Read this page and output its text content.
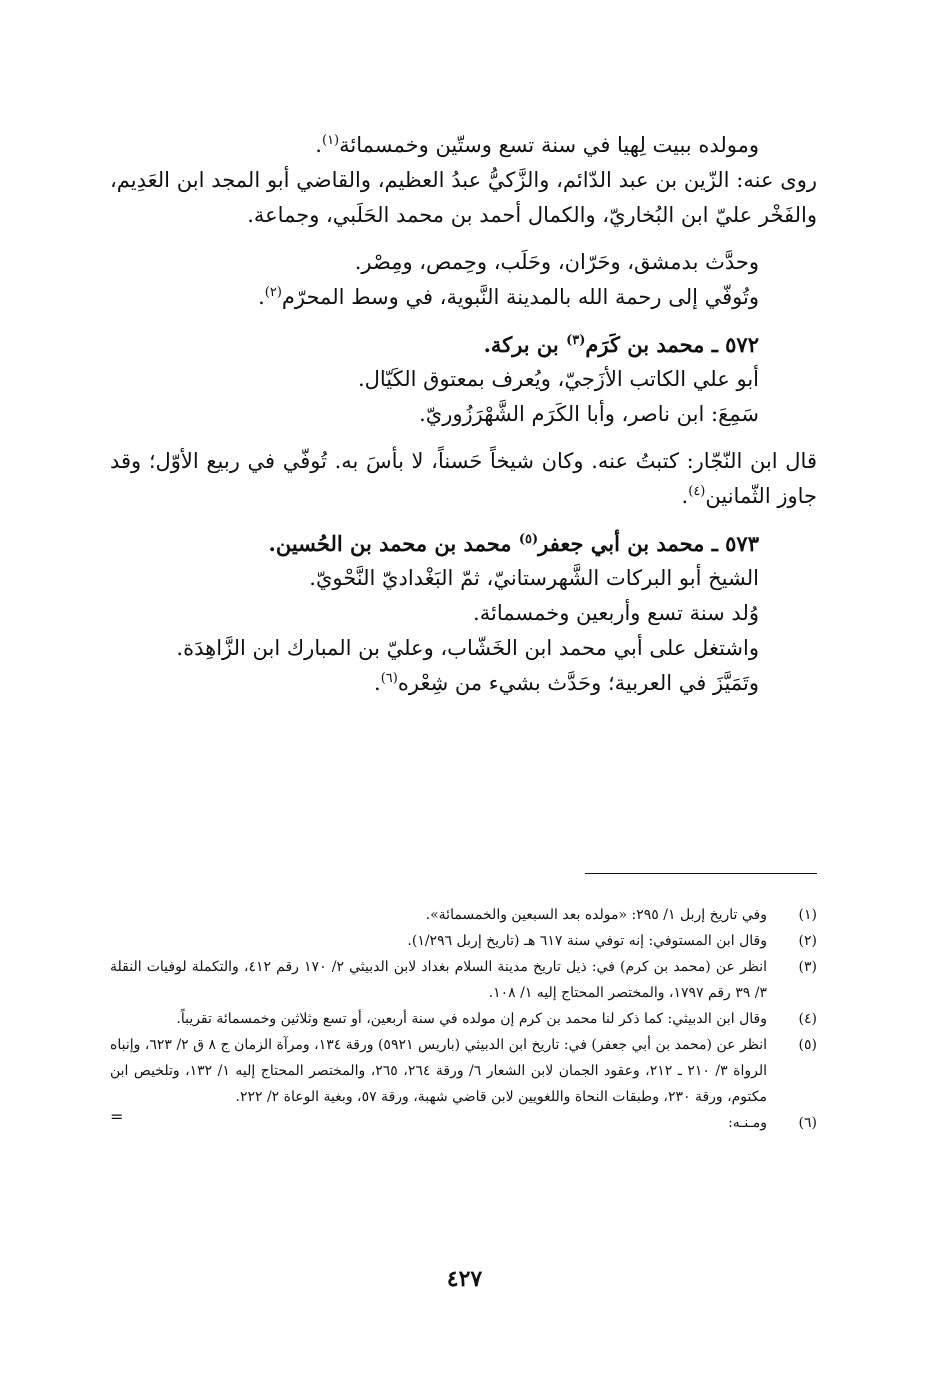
ومولده ببيت لِهيا في سنة تسع وستّين وخمسمائة$^{(١)}$.

روى عنه: الزّين بن عبد الدّائم، والزَّكيُّ عبدُ العظيم، والقاضي أبو المجد ابن العَدِيم، والفَخْر عليّ ابن البُخاريّ، والكمال أحمد بن محمد الحَلَبي، وجماعة.

وحدَّث بدمشق، وحَرّان، وحَلَب، وحِمص، ومِصْر.

وتُوفّي إلى رحمة الله بالمدينة النَّبوية، في وسط المحرّم$^{(٢)}$.

٥٧٢ ـ محمد بن كَرَم$^{(٣)}$ بن بركة.

أبو علي الكاتب الأزَجيّ، ويُعرف بمعتوق الكَيّال.

سَمِعَ: ابن ناصر، وأبا الكَرَم الشَّهْرَزُوريّ.

قال ابن النّجّار: كتبتُ عنه. وكان شيخاً حَسناً، لا بأسَ به. تُوفّي في ربيع الأوّل؛ وقد جاوز الثّمانين$^{(٤)}$.

٥٧٣ ـ محمد بن أبي جعفر$^{(٥)}$ محمد بن محمد بن الحُسين.

الشيخ أبو البركات الشَّهرستانيّ، ثمّ البَغْداديّ النَّحْويّ.

وُلد سنة تسع وأربعين وخمسمائة.

واشتغل على أبي محمد ابن الخَشّاب، وعليّ بن المبارك ابن الزَّاهِدَة.

وتَمَيَّزَ في العربية؛ وحَدَّث بشيء من شِعْره$^{(٦)}$.

(١)
وفي تاريخ إربل ١/ ٢٩٥: «مولده بعد السبعين والخمسمائة».
(٢)
وقال ابن المستوفي: إنه توفي سنة ٦١٧ هـ (تاريخ إربل ١/٢٩٦).
(٣)
انظر عن (محمد بن كرم) في: ذيل تاريخ مدينة السلام بغداد لابن الدبيثي ٢/ ١٧٠ رقم ٤١٢، والتكملة لوفيات النقلة ٣/ ٣٩ رقم ١٧٩٧، والمختصر المحتاج إليه ١/ ١٠٨.
(٤)
وقال ابن الدبيثي: كما ذكر لنا محمد بن كرم إن مولده في سنة أربعين، أو تسع وثلاثين وخمسمائة تقريباً.
(٥)
انظر عن (محمد بن أبي جعفر) في: تاريخ ابن الدبيثي (باريس ٥٩٢١) ورقة ١٣٤، ومرآة الزمان ج ٨ ق ٢/ ٦٢٣، وإنباه الرواة ٣/ ٢١٠ ـ ٢١٢، وعقود الجمان لابن الشعار ٦/ ورقة ٢٦٤، ٢٦٥، والمختصر المحتاج إليه ١/ ١٣٢، وتلخيص ابن مكتوم، ورقة ٢٣٠، وطبقات النحاة واللغويين لابن قاضي شهبة، ورقة ٥٧، وبغية الوعاة ٢/ ٢٢٢.
(٦)
ومـنـه:
=
٤٢٧
